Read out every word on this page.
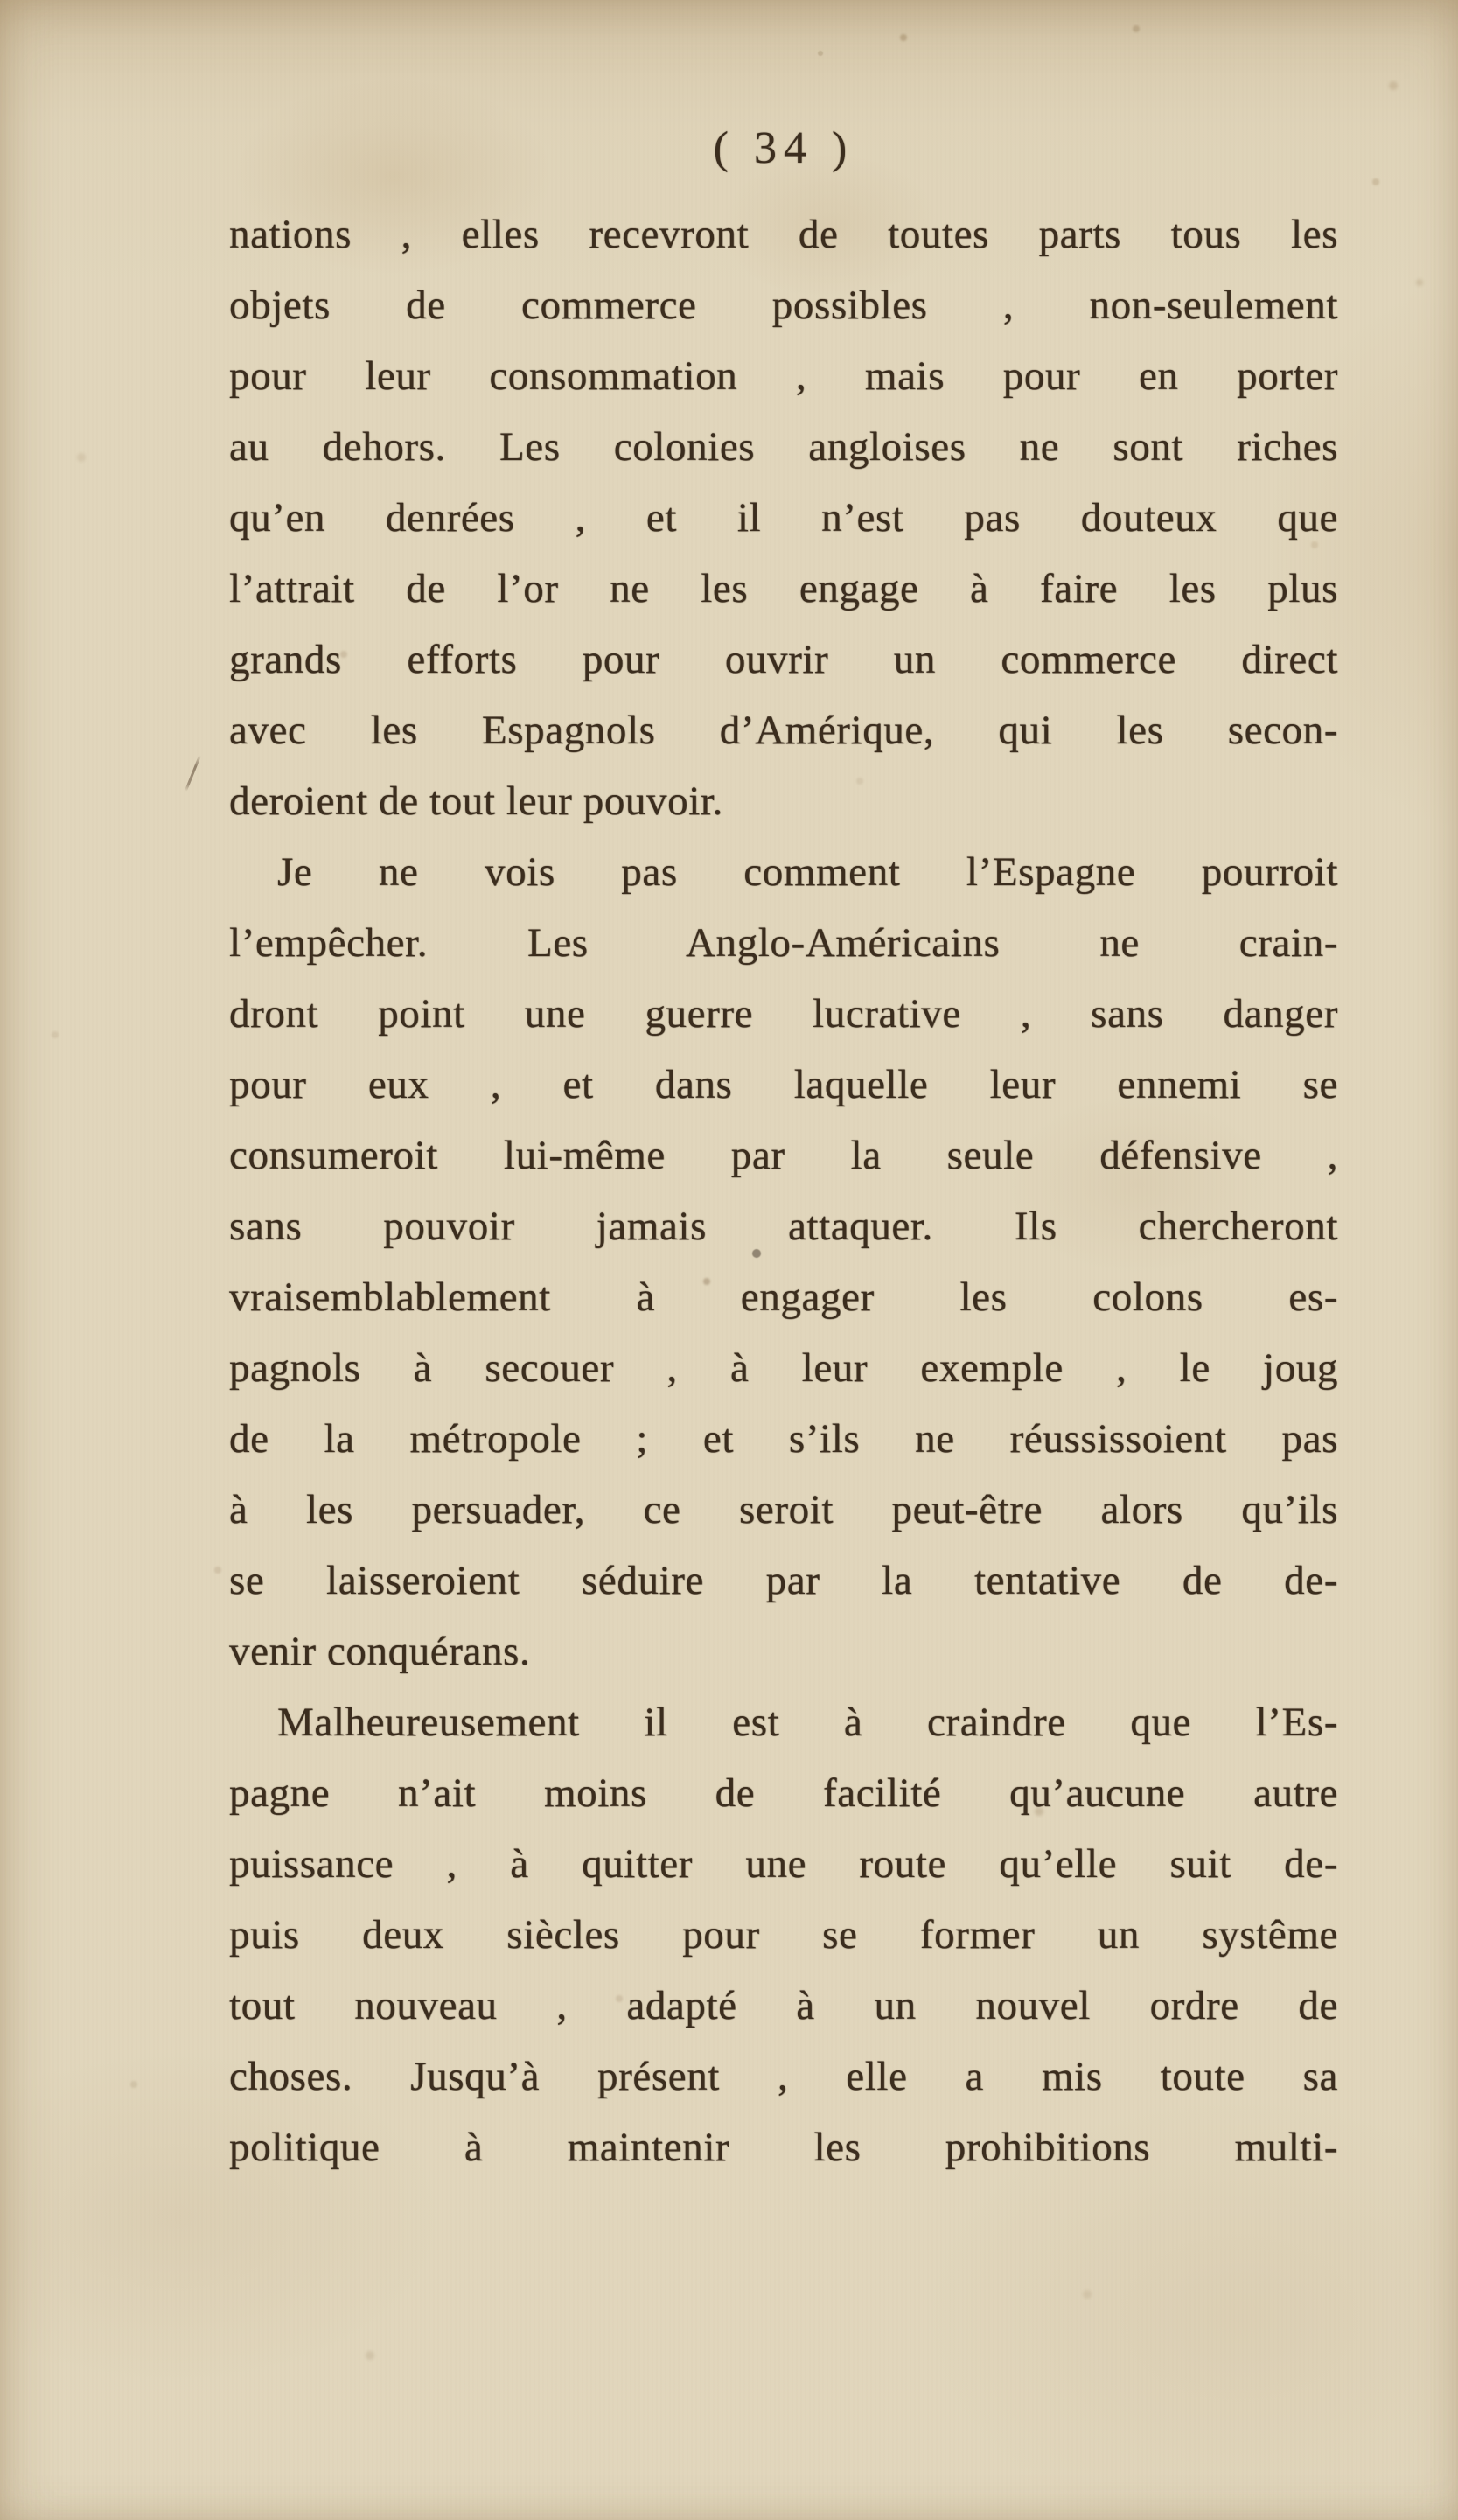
( 34 )
nations , elles recevront de toutes parts tous les
objets de commerce possibles , non-seulement
pour leur consommation , mais pour en porter
au dehors. Les colonies angloises ne sont riches
qu’en denrées , et il n’est pas douteux que
l’attrait de l’or ne les engage à faire les plus
grands efforts pour ouvrir un commerce direct
avec les Espagnols d’Amérique, qui les secon-
deroient de tout leur pouvoir.
Je ne vois pas comment l’Espagne pourroit
l’empêcher. Les Anglo-Américains ne crain-
dront point une guerre lucrative , sans danger
pour eux , et dans laquelle leur ennemi se
consumeroit lui-même par la seule défensive ,
sans pouvoir jamais attaquer. Ils chercheront
vraisemblablement à engager les colons es-
pagnols à secouer , à leur exemple , le joug
de la métropole ; et s’ils ne réussissoient pas
à les persuader, ce seroit peut-être alors qu’ils
se laisseroient séduire par la tentative de de-
venir conquérans.
Malheureusement il est à craindre que l’Es-
pagne n’ait moins de facilité qu’aucune autre
puissance , à quitter une route qu’elle suit de-
puis deux siècles pour se former un systême
tout nouveau , adapté à un nouvel ordre de
choses. Jusqu’à présent , elle a mis toute sa
politique à maintenir les prohibitions multi-
